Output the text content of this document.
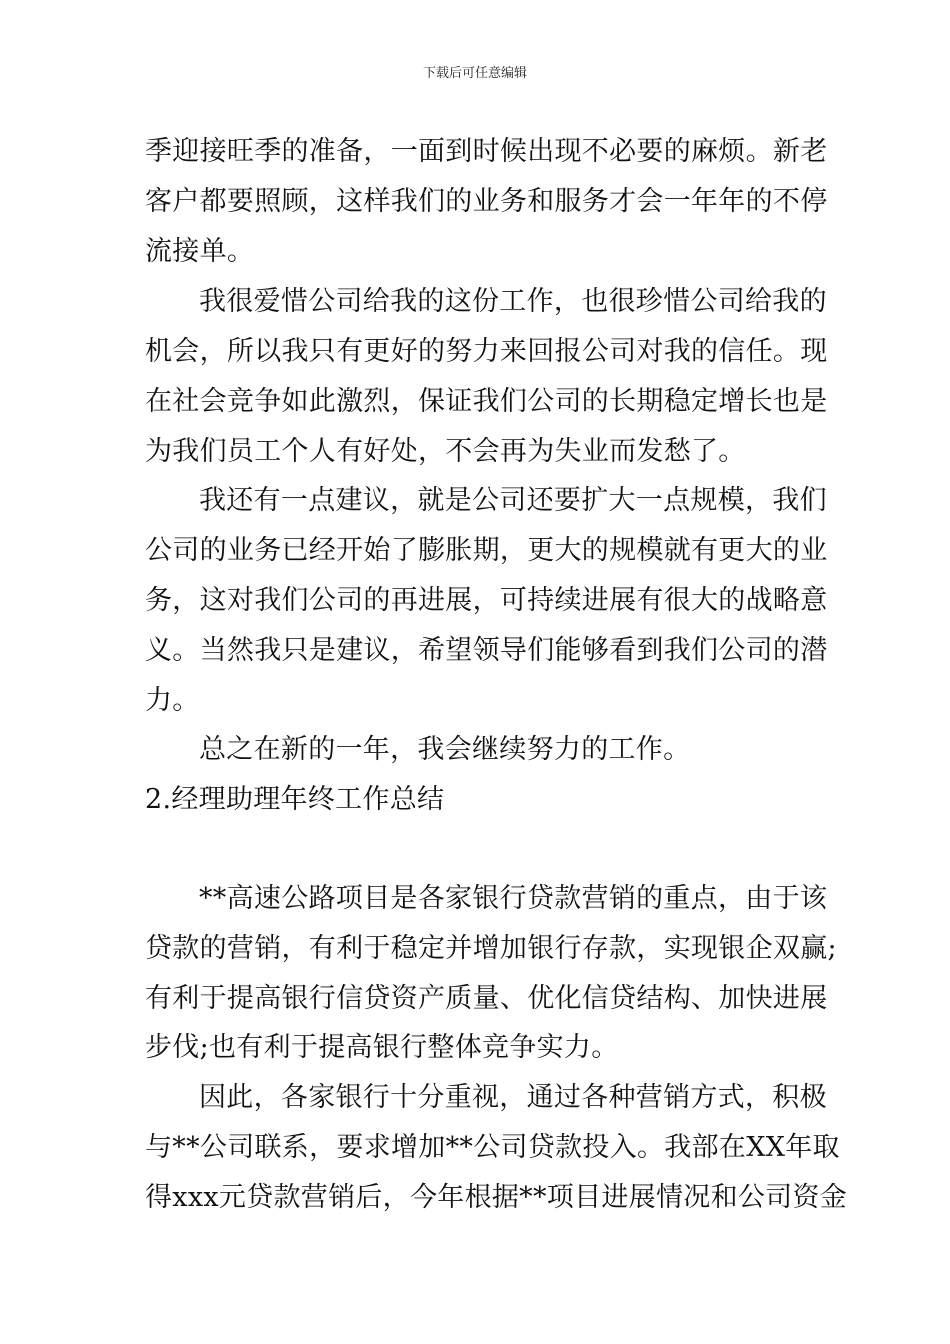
下载后可任意编辑
季迎接旺季的准备，一面到时候出现不必要的麻烦。新老
客户都要照顾，这样我们的业务和服务才会一年年的不停
流接单。
我很爱惜公司给我的这份工作，也很珍惜公司给我的
机会，所以我只有更好的努力来回报公司对我的信任。现
在社会竞争如此激烈，保证我们公司的长期稳定增长也是
为我们员工个人有好处，不会再为失业而发愁了。
我还有一点建议，就是公司还要扩大一点规模，我们
公司的业务已经开始了膨胀期，更大的规模就有更大的业
务，这对我们公司的再进展，可持续进展有很大的战略意
义。当然我只是建议，希望领导们能够看到我们公司的潜
力。
总之在新的一年，我会继续努力的工作。
2.经理助理年终工作总结
**高速公路项目是各家银行贷款营销的重点，由于该
贷款的营销，有利于稳定并增加银行存款，实现银企双赢;
有利于提高银行信贷资产质量、优化信贷结构、加快进展
步伐;也有利于提高银行整体竞争实力。
因此，各家银行十分重视，通过各种营销方式，积极
与**公司联系，要求增加**公司贷款投入。我部在XX年取
得xxx元贷款营销后，今年根据**项目进展情况和公司资金
